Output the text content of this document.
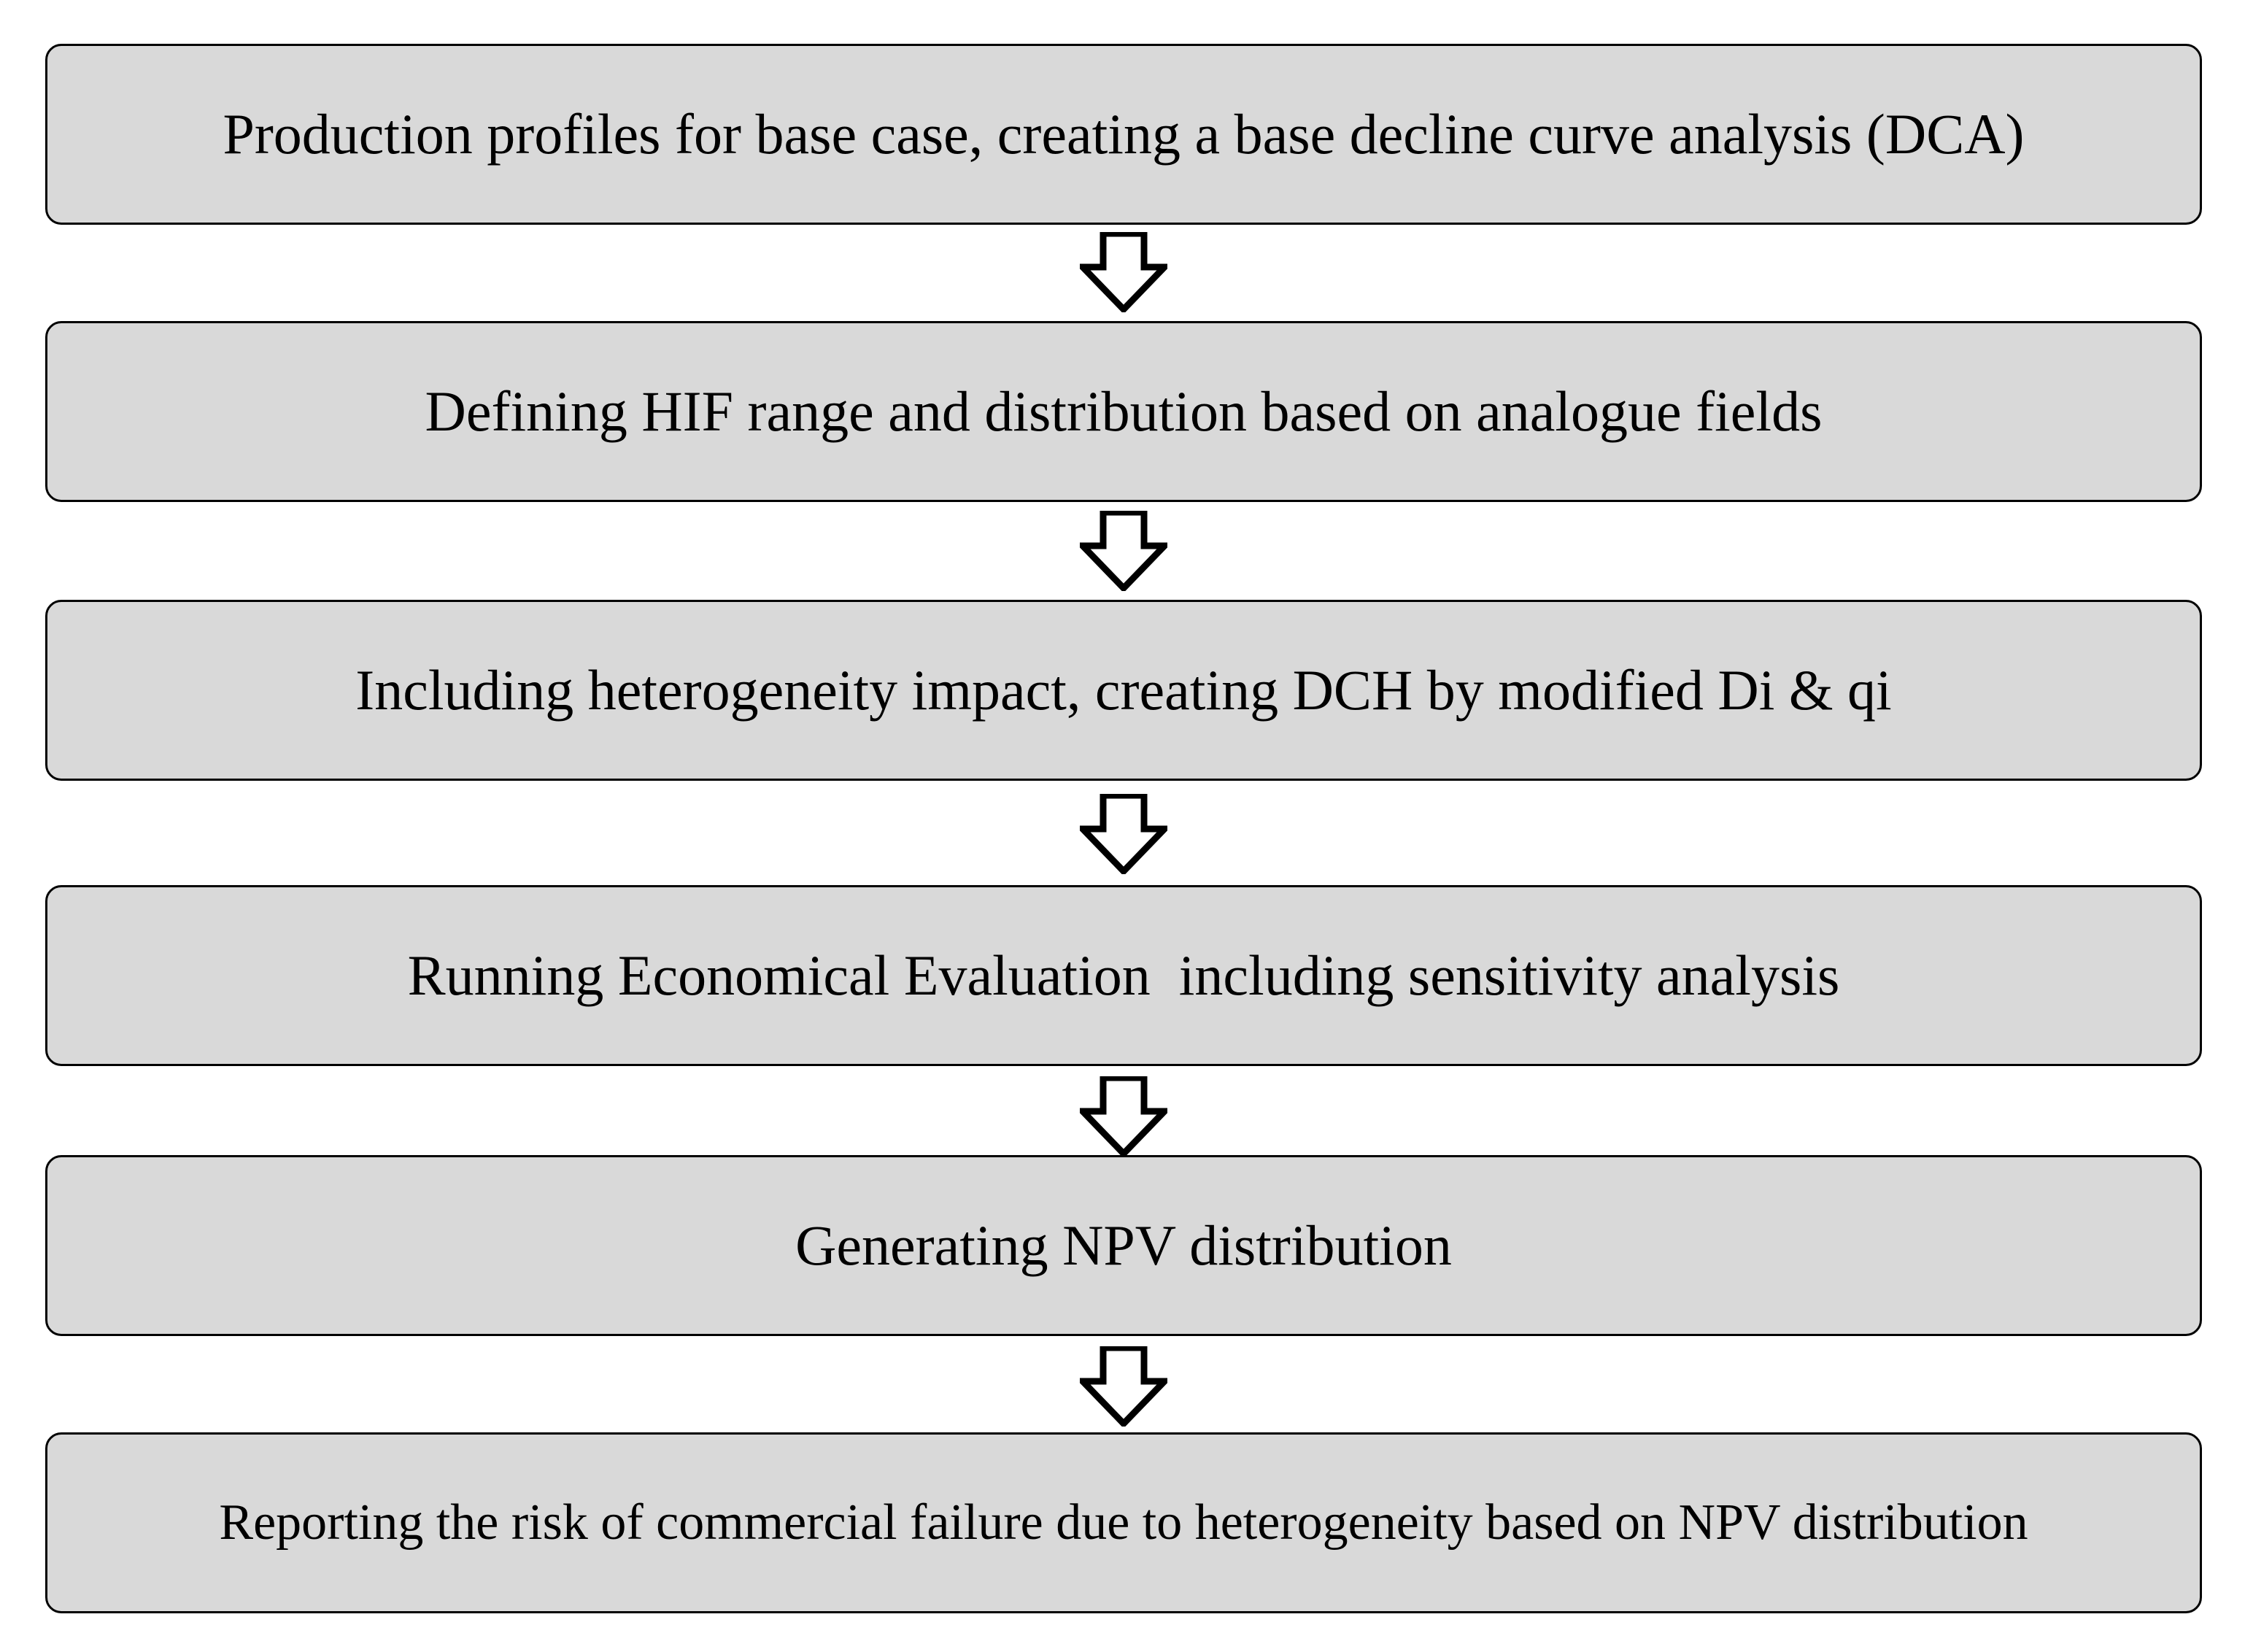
Production profiles for base case, creating a base decline curve analysis (DCA)
Defining HIF range and distribution based on analogue fields
Including heterogeneity impact, creating DCH by modified Di & qi
Running Economical Evaluation  including sensitivity analysis
Generating NPV distribution
Reporting the risk of commercial failure due to heterogeneity based on NPV distribution
